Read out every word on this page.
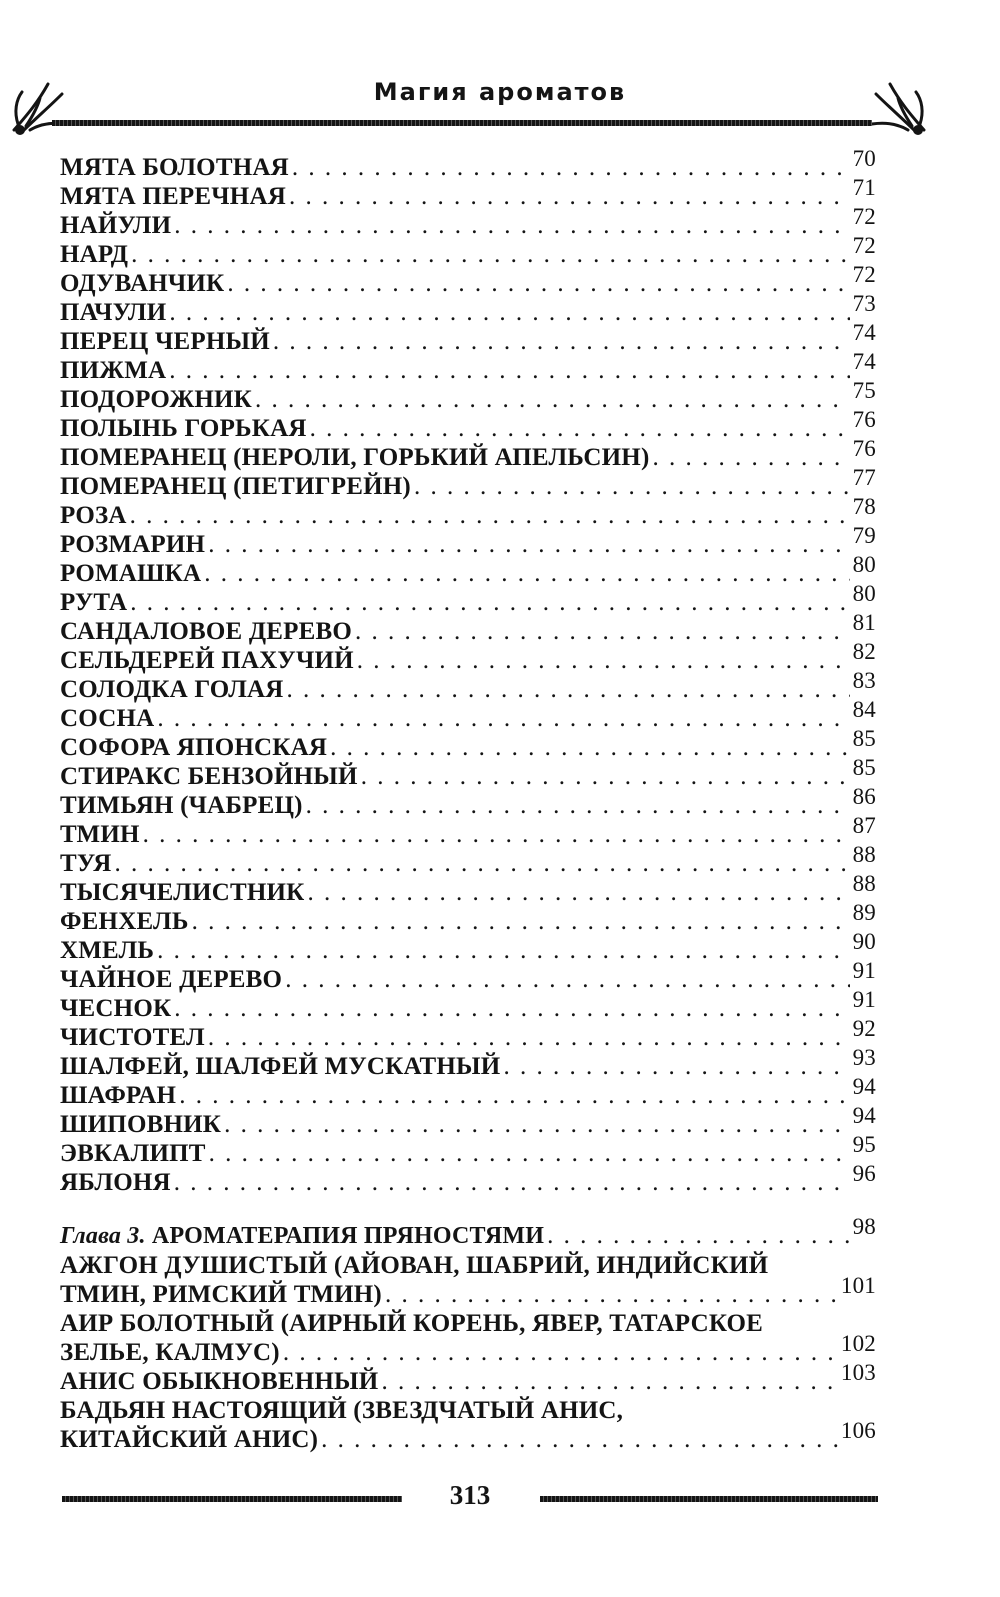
Магия ароматов
МЯТА БОЛОТНАЯ . . .	70
МЯТА ПЕРЕЧНАЯ . . .	71
НАЙУЛИ . . .	72
НАРД . . .	72
ОДУВАНЧИК . . .	72
ПАЧУЛИ . . .	73
ПЕРЕЦ ЧЕРНЫЙ . . .	74
ПИЖМА . . .	74
ПОДОРОЖНИК . . .	75
ПОЛЫНЬ ГОРЬКАЯ . . .	76
ПОМЕРАНЕЦ (НЕРОЛИ, ГОРЬКИЙ АПЕЛЬСИН) . . .	76
ПОМЕРАНЕЦ (ПЕТИГРЕЙН) . . .	77
РОЗА . . .	78
РОЗМАРИН . . .	79
РОМАШКА . . .	80
РУТА . . .	80
САНДАЛОВОЕ ДЕРЕВО . . .	81
СЕЛЬДЕРЕЙ ПАХУЧИЙ . . .	82
СОЛОДКА ГОЛАЯ . . .	83
СОСНА . . .	84
СОФОРА ЯПОНСКАЯ . . .	85
СТИРАКС БЕНЗОЙНЫЙ . . .	85
ТИМЬЯН (ЧАБРЕЦ) . . .	86
ТМИН . . .	87
ТУЯ . . .	88
ТЫСЯЧЕЛИСТНИК . . .	88
ФЕНХЕЛЬ . . .	89
ХМЕЛЬ . . .	90
ЧАЙНОЕ ДЕРЕВО . . .	91
ЧЕСНОК . . .	91
ЧИСТОТЕЛ . . .	92
ШАЛФЕЙ, ШАЛФЕЙ МУСКАТНЫЙ . . .	93
ШАФРАН . . .	94
ШИПОВНИК . . .	94
ЭВКАЛИПТ . . .	95
ЯБЛОНЯ . . .	96
Глава 3. АРОМАТЕРАПИЯ ПРЯНОСТЯМИ . . .	98
АЖГОН ДУШИСТЫЙ (АЙОВАН, ШАБРИЙ, ИНДИЙСКИЙ
ТМИН, РИМСКИЙ ТМИН) . . .	101
АИР БОЛОТНЫЙ (АИРНЫЙ КОРЕНЬ, ЯВЕР, ТАТАРСКОЕ
ЗЕЛЬЕ, КАЛМУС) . . .	102
АНИС ОБЫКНОВЕННЫЙ . . .	103
БАДЬЯН НАСТОЯЩИЙ (ЗВЕЗДЧАТЫЙ АНИС,
КИТАЙСКИЙ АНИС) . . .	106
313
